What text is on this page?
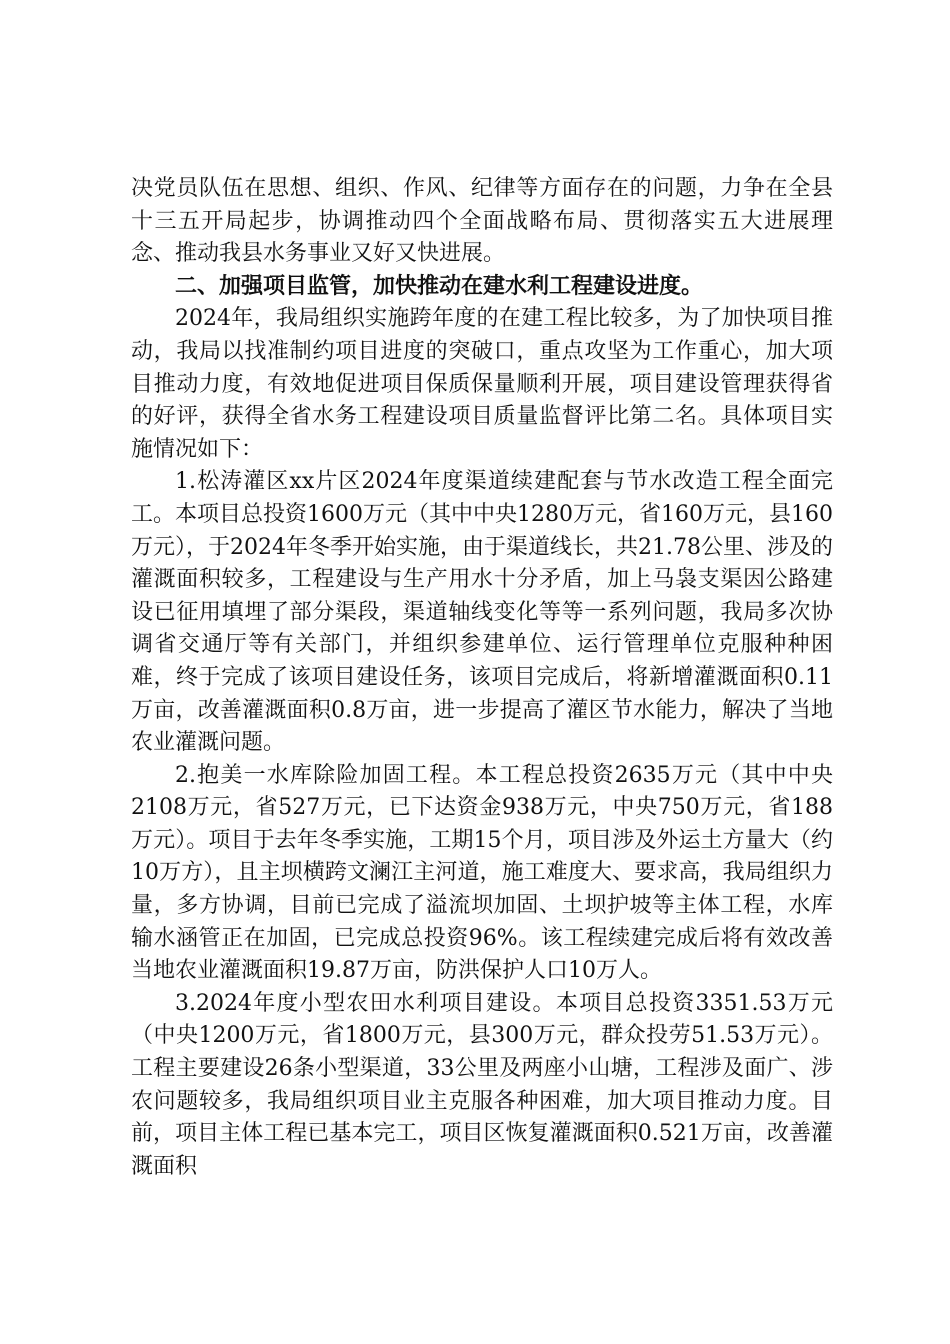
决党员队伍在思想、组织、作风、纪律等方面存在的问题，力争在全县十三五开局起步，协调推动四个全面战略布局、贯彻落实五大进展理念、推动我县水务事业又好又快进展。

二、加强项目监管，加快推动在建水利工程建设进度。

2024年，我局组织实施跨年度的在建工程比较多，为了加快项目推动，我局以找准制约项目进度的突破口，重点攻坚为工作重心，加大项目推动力度，有效地促进项目保质保量顺利开展，项目建设管理获得省的好评，获得全省水务工程建设项目质量监督评比第二名。具体项目实施情况如下：

1.松涛灌区xx片区2024年度渠道续建配套与节水改造工程全面完工。本项目总投资1600万元（其中中央1280万元，省160万元，县160万元），于2024年冬季开始实施，由于渠道线长，共21.78公里、涉及的灌溉面积较多，工程建设与生产用水十分矛盾，加上马袅支渠因公路建设已征用填埋了部分渠段，渠道轴线变化等等一系列问题，我局多次协调省交通厅等有关部门，并组织参建单位、运行管理单位克服种种困难，终于完成了该项目建设任务，该项目完成后，将新增灌溉面积0.11万亩，改善灌溉面积0.8万亩，进一步提高了灌区节水能力，解决了当地农业灌溉问题。

2.抱美一水库除险加固工程。本工程总投资2635万元（其中中央2108万元，省527万元，已下达资金938万元，中央750万元，省188万元）。项目于去年冬季实施，工期15个月，项目涉及外运土方量大（约10万方），且主坝横跨文澜江主河道，施工难度大、要求高，我局组织力量，多方协调，目前已完成了溢流坝加固、土坝护坡等主体工程，水库输水涵管正在加固，已完成总投资96%。该工程续建完成后将有效改善当地农业灌溉面积19.87万亩，防洪保护人口10万人。

3.2024年度小型农田水利项目建设。本项目总投资3351.53万元（中央1200万元，省1800万元，县300万元，群众投劳51.53万元）。工程主要建设26条小型渠道，33公里及两座小山塘，工程涉及面广、涉农问题较多，我局组织项目业主克服各种困难，加大项目推动力度。目前，项目主体工程已基本完工，项目区恢复灌溉面积0.521万亩，改善灌溉面积
